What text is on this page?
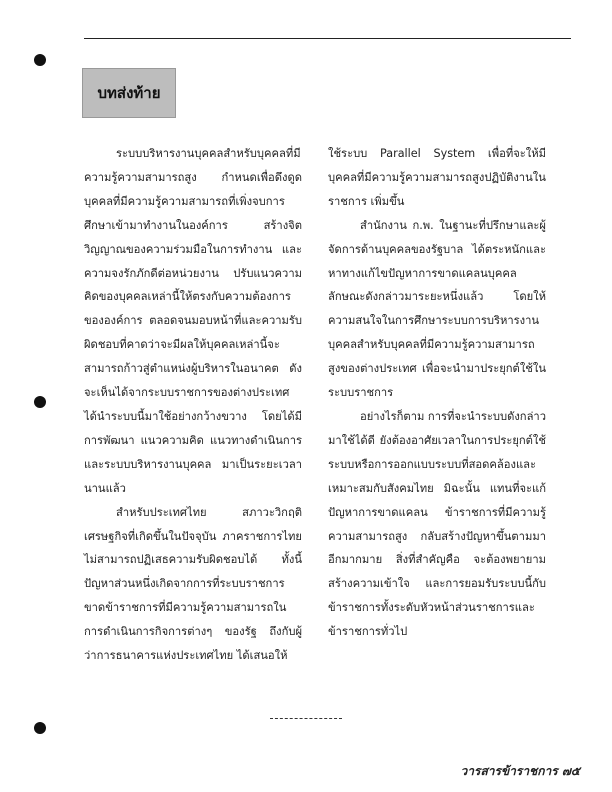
บทส่งท้าย

ระบบบริหารงานบุคคลสำหรับบุคคลที่มีความรู้ความสามารถสูง กำหนดเพื่อดึงดูดบุคคลที่มีความรู้ความสามารถที่เพิ่งจบการศึกษาเข้ามาทำงานในองค์การ สร้างจิตวิญญาณของความร่วมมือในการทำงาน และความจงรักภักดีต่อหน่วยงาน ปรับแนวความคิดของบุคคลเหล่านี้ให้ตรงกับความต้องการขององค์การ ตลอดจนมอบหน้าที่และความรับผิดชอบที่คาดว่าจะมีผลให้บุคคลเหล่านี้จะสามารถก้าวสู่ตำแหน่งผู้บริหารในอนาคต ดังจะเห็นได้จากระบบราชการของต่างประเทศได้นำระบบนี้มาใช้อย่างกว้างขวาง โดยได้มีการพัฒนา แนวความคิด แนวทางดำเนินการ และระบบบริหารงานบุคคล มาเป็นระยะเวลานานแล้ว

สำหรับประเทศไทย สภาวะวิกฤติเศรษฐกิจที่เกิดขึ้นในปัจจุบัน ภาคราชการไทยไม่สามารถปฏิเสธความรับผิดชอบได้ ทั้งนี้ปัญหาส่วนหนึ่งเกิดจากการที่ระบบราชการขาดข้าราชการที่มีความรู้ความสามารถในการดำเนินการกิจการต่างๆ ของรัฐ ถึงกับผู้ว่าการธนาคารแห่งประเทศไทย ได้เสนอให้

ใช้ระบบ Parallel System เพื่อที่จะให้มีบุคคลที่มีความรู้ความสามารถสูงปฏิบัติงานในราชการ เพิ่มขึ้น

สำนักงาน ก.พ. ในฐานะที่ปรึกษาและผู้จัดการด้านบุคคลของรัฐบาล ได้ตระหนักและหาทางแก้ไขปัญหาการขาดแคลนบุคคลลักษณะดังกล่าวมาระยะหนึ่งแล้ว โดยให้ความสนใจในการศึกษาระบบการบริหารงานบุคคลสำหรับบุคคลที่มีความรู้ความสามารถสูงของต่างประเทศ เพื่อจะนำมาประยุกต์ใช้ในระบบราชการ

อย่างไรก็ตาม การที่จะนำระบบดังกล่าวมาใช้ได้ดี ยังต้องอาศัยเวลาในการประยุกต์ใช้ระบบหรือการออกแบบระบบที่สอดคล้องและเหมาะสมกับสังคมไทย มิฉะนั้น แทนที่จะแก้ปัญหาการขาดแคลน ข้าราชการที่มีความรู้ความสามารถสูง กลับสร้างปัญหาขึ้นตามมาอีกมากมาย สิ่งที่สำคัญคือ จะต้องพยายามสร้างความเข้าใจ และการยอมรับระบบนี้กับข้าราชการทั้งระดับหัวหน้าส่วนราชการและข้าราชการทั่วไป

วารสารข้าราชการ ๗๕
